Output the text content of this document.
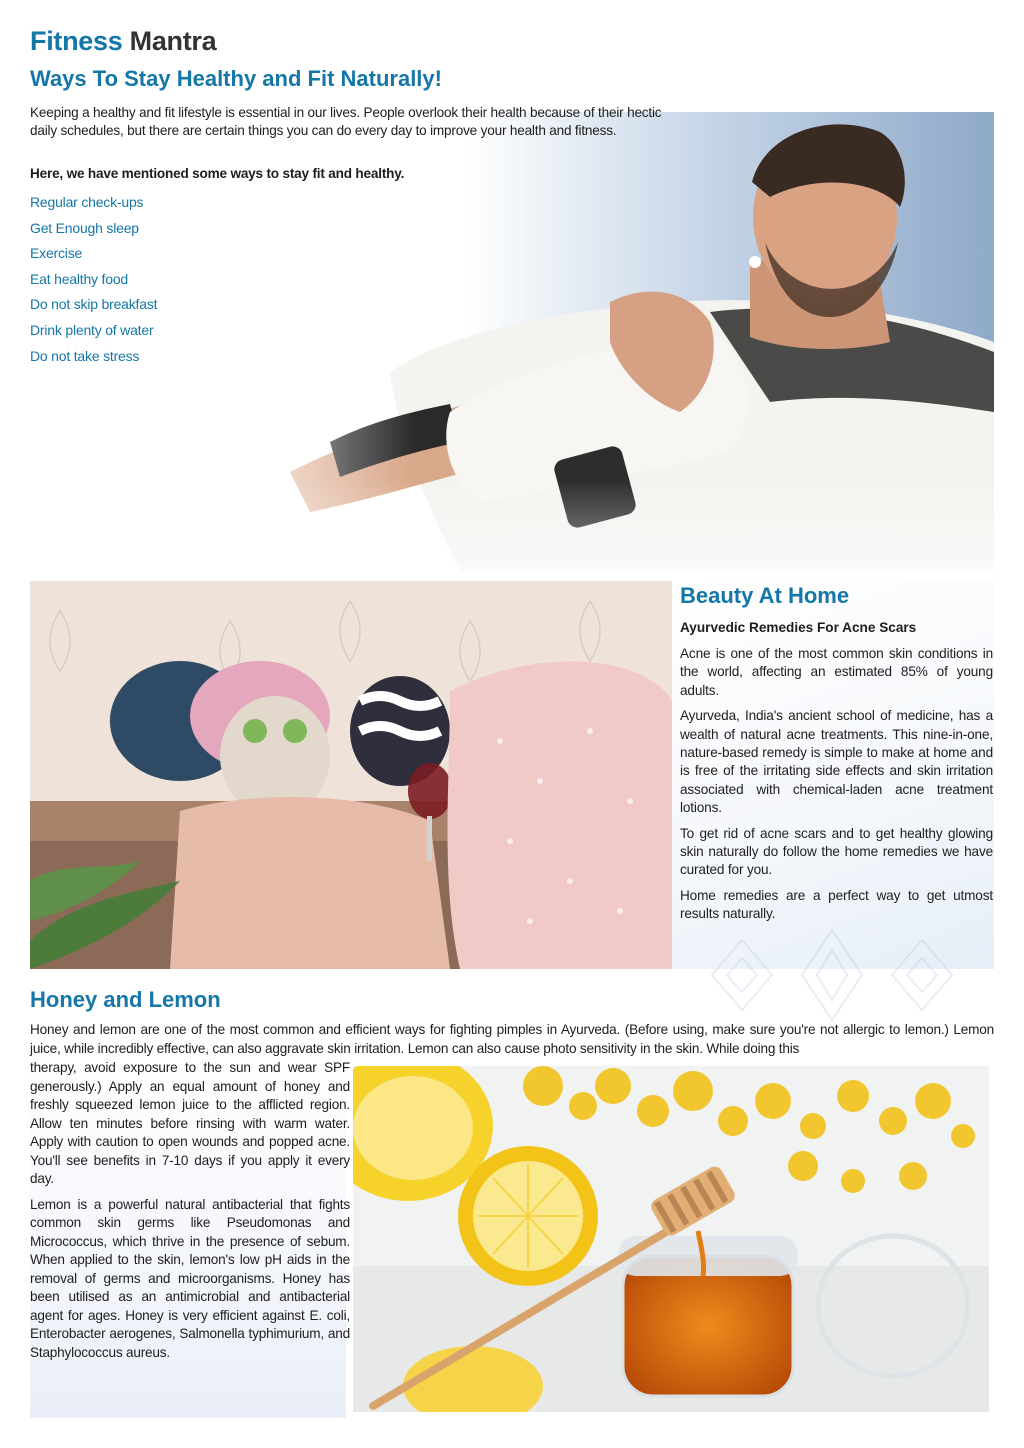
Fitness Mantra
Ways To Stay Healthy and Fit Naturally!

Keeping a healthy and fit lifestyle is essential in our lives. People overlook their health because of their hectic daily schedules, but there are certain things you can do every day to improve your health and fitness.

Here, we have mentioned some ways to stay fit and healthy.

Regular check-ups
Get Enough sleep
Exercise
Eat healthy food
Do not skip breakfast
Drink plenty of water
Do not take stress
Beauty At Home

Ayurvedic Remedies For Acne Scars

Acne is one of the most common skin conditions in the world, affecting an estimated 85% of young adults.

Ayurveda, India's ancient school of medicine, has a wealth of natural acne treatments. This nine-in-one, nature-based remedy is simple to make at home and is free of the irritating side effects and skin irritation associated with chemical-laden acne treatment lotions.

To get rid of acne scars and to get healthy glowing skin naturally do follow the home remedies we have curated for you.

Home remedies are a perfect way to get utmost results naturally.

Honey and Lemon

Honey and lemon are one of the most common and efficient ways for fighting pimples in Ayurveda. (Before using, make sure you're not allergic to lemon.) Lemon juice, while incredibly effective, can also aggravate skin irritation. Lemon can also cause photo sensitivity in the skin. While doing this

therapy, avoid exposure to the sun and wear SPF generously.) Apply an equal amount of honey and freshly squeezed lemon juice to the afflicted region. Allow ten minutes before rinsing with warm water. Apply with caution to open wounds and popped acne. You'll see benefits in 7-10 days if you apply it every day.

Lemon is a powerful natural antibacterial that fights common skin germs like Pseudomonas and Micrococcus, which thrive in the presence of sebum. When applied to the skin, lemon's low pH aids in the removal of germs and microorganisms. Honey has been utilised as an antimicrobial and antibacterial agent for ages. Honey is very efficient against E. coli, Enterobacter aerogenes, Salmonella typhimurium, and Staphylococcus aureus.
